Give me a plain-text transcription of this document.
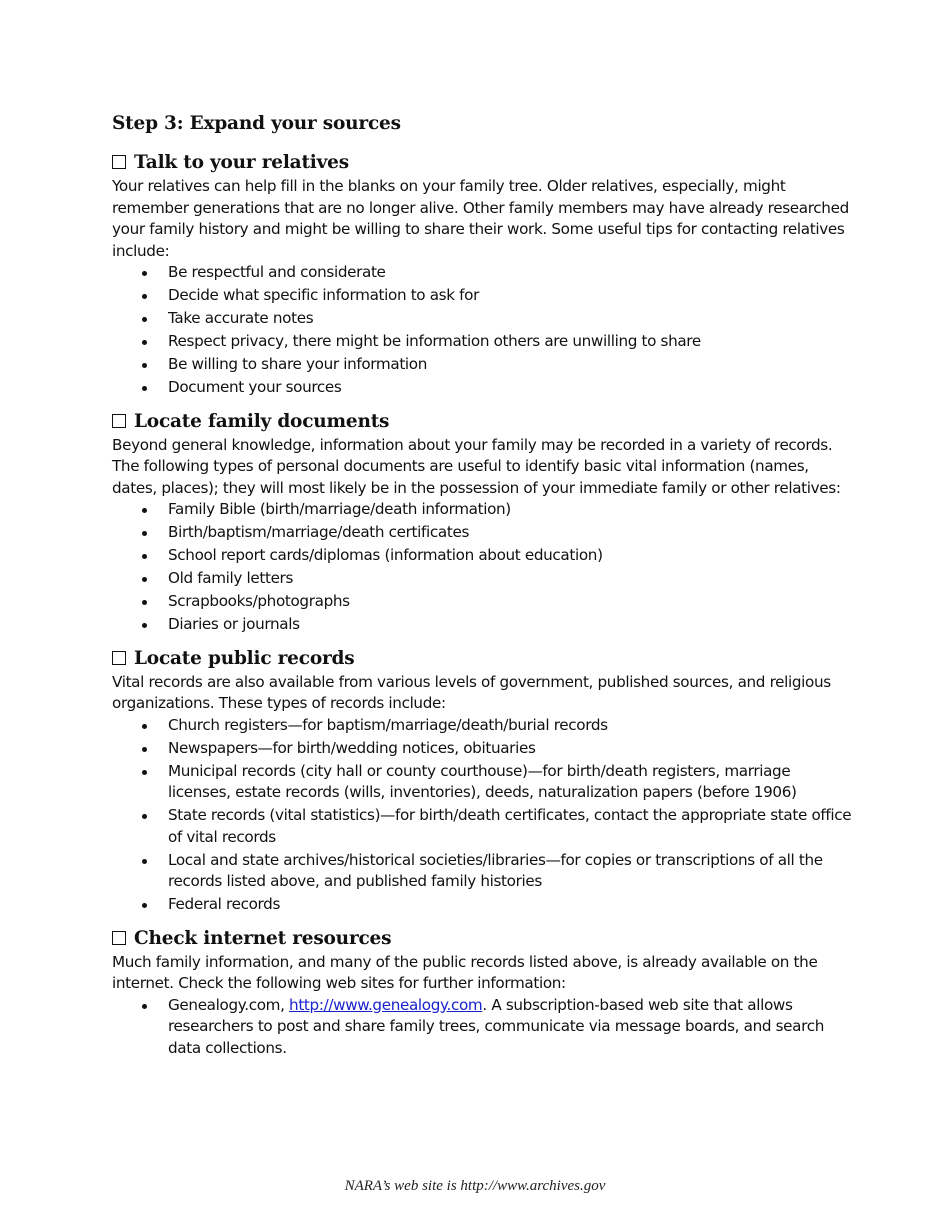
Step 3: Expand your sources
Talk to your relatives

Your relatives can help fill in the blanks on your family tree. Older relatives, especially, might remember generations that are no longer alive. Other family members may have already researched your family history and might be willing to share their work. Some useful tips for contacting relatives include:

Be respectful and considerate
Decide what specific information to ask for
Take accurate notes
Respect privacy, there might be information others are unwilling to share
Be willing to share your information
Document your sources
Locate family documents

Beyond general knowledge, information about your family may be recorded in a variety of records. The following types of personal documents are useful to identify basic vital information (names, dates, places); they will most likely be in the possession of your immediate family or other relatives:

Family Bible (birth/marriage/death information)
Birth/baptism/marriage/death certificates
School report cards/diplomas (information about education)
Old family letters
Scrapbooks/photographs
Diaries or journals
Locate public records

Vital records are also available from various levels of government, published sources, and religious organizations. These types of records include:

Church registers—for baptism/marriage/death/burial records
Newspapers—for birth/wedding notices, obituaries
Municipal records (city hall or county courthouse)—for birth/death registers, marriage licenses, estate records (wills, inventories), deeds, naturalization papers (before 1906)
State records (vital statistics)—for birth/death certificates, contact the appropriate state office of vital records
Local and state archives/historical societies/libraries—for copies or transcriptions of all the records listed above, and published family histories
Federal records
Check internet resources

Much family information, and many of the public records listed above, is already available on the internet. Check the following web sites for further information:

Genealogy.com, http://www.genealogy.com. A subscription-based web site that allows researchers to post and share family trees, communicate via message boards, and search data collections.
NARA’s web site is http://www.archives.gov
